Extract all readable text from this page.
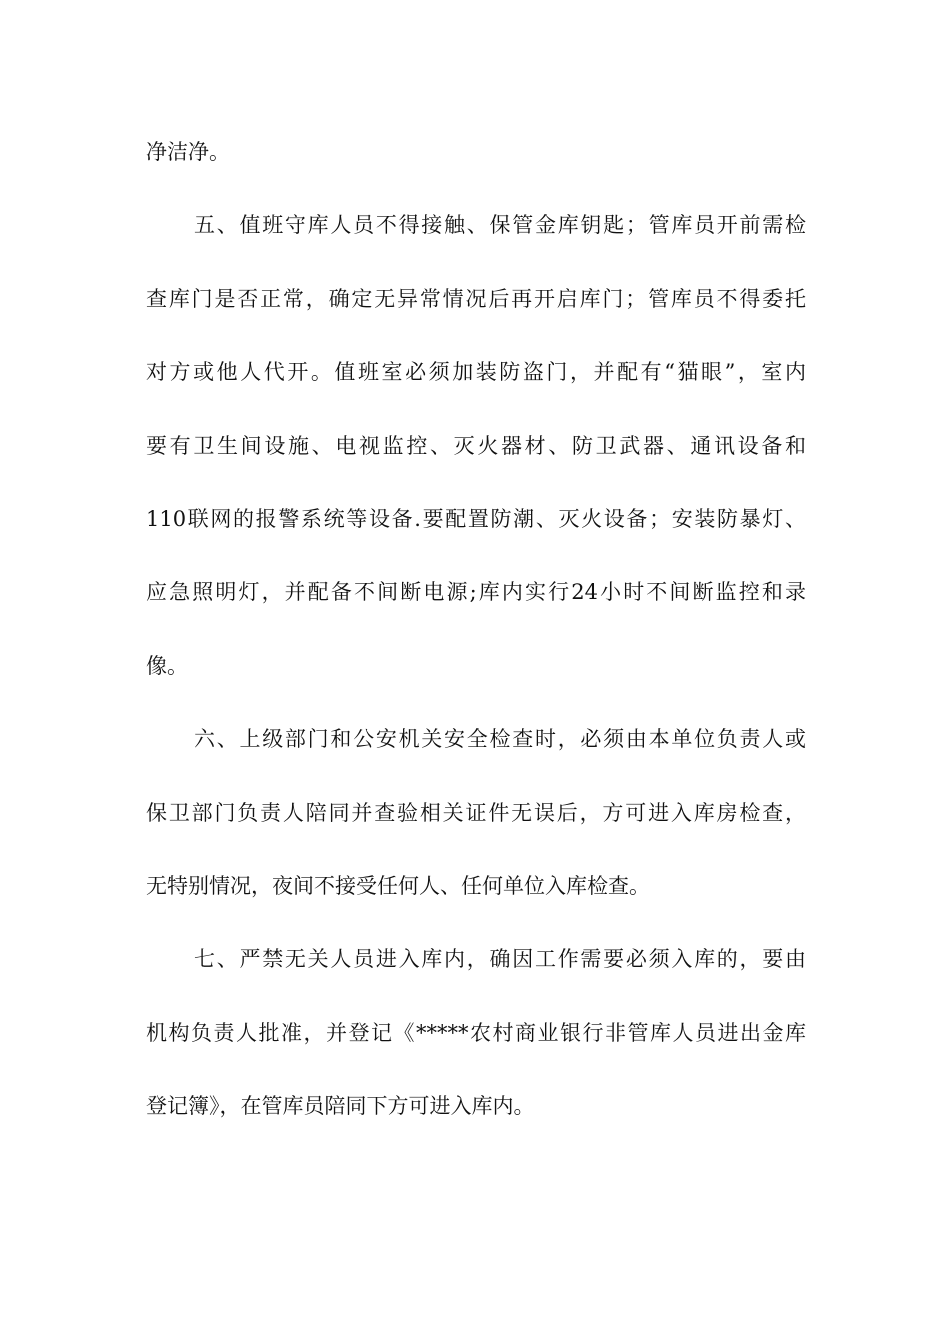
净洁净。
五、值班守库人员不得接触、保管金库钥匙；管库员开前需检
查库门是否正常，确定无异常情况后再开启库门；管库员不得委托
对方或他人代开。值班室必须加装防盗门，并配有“猫眼”，室内
要有卫生间设施、电视监控、灭火器材、防卫武器、通讯设备和
110联网的报警系统等设备.要配置防潮、灭火设备；安装防暴灯、
应急照明灯，并配备不间断电源;库内实行24小时不间断监控和录
像。
六、上级部门和公安机关安全检查时，必须由本单位负责人或
保卫部门负责人陪同并查验相关证件无误后，方可进入库房检查，
无特别情况，夜间不接受任何人、任何单位入库检查。
七、严禁无关人员进入库内，确因工作需要必须入库的，要由
机构负责人批准，并登记《*****农村商业银行非管库人员进出金库
登记簿》，在管库员陪同下方可进入库内。
